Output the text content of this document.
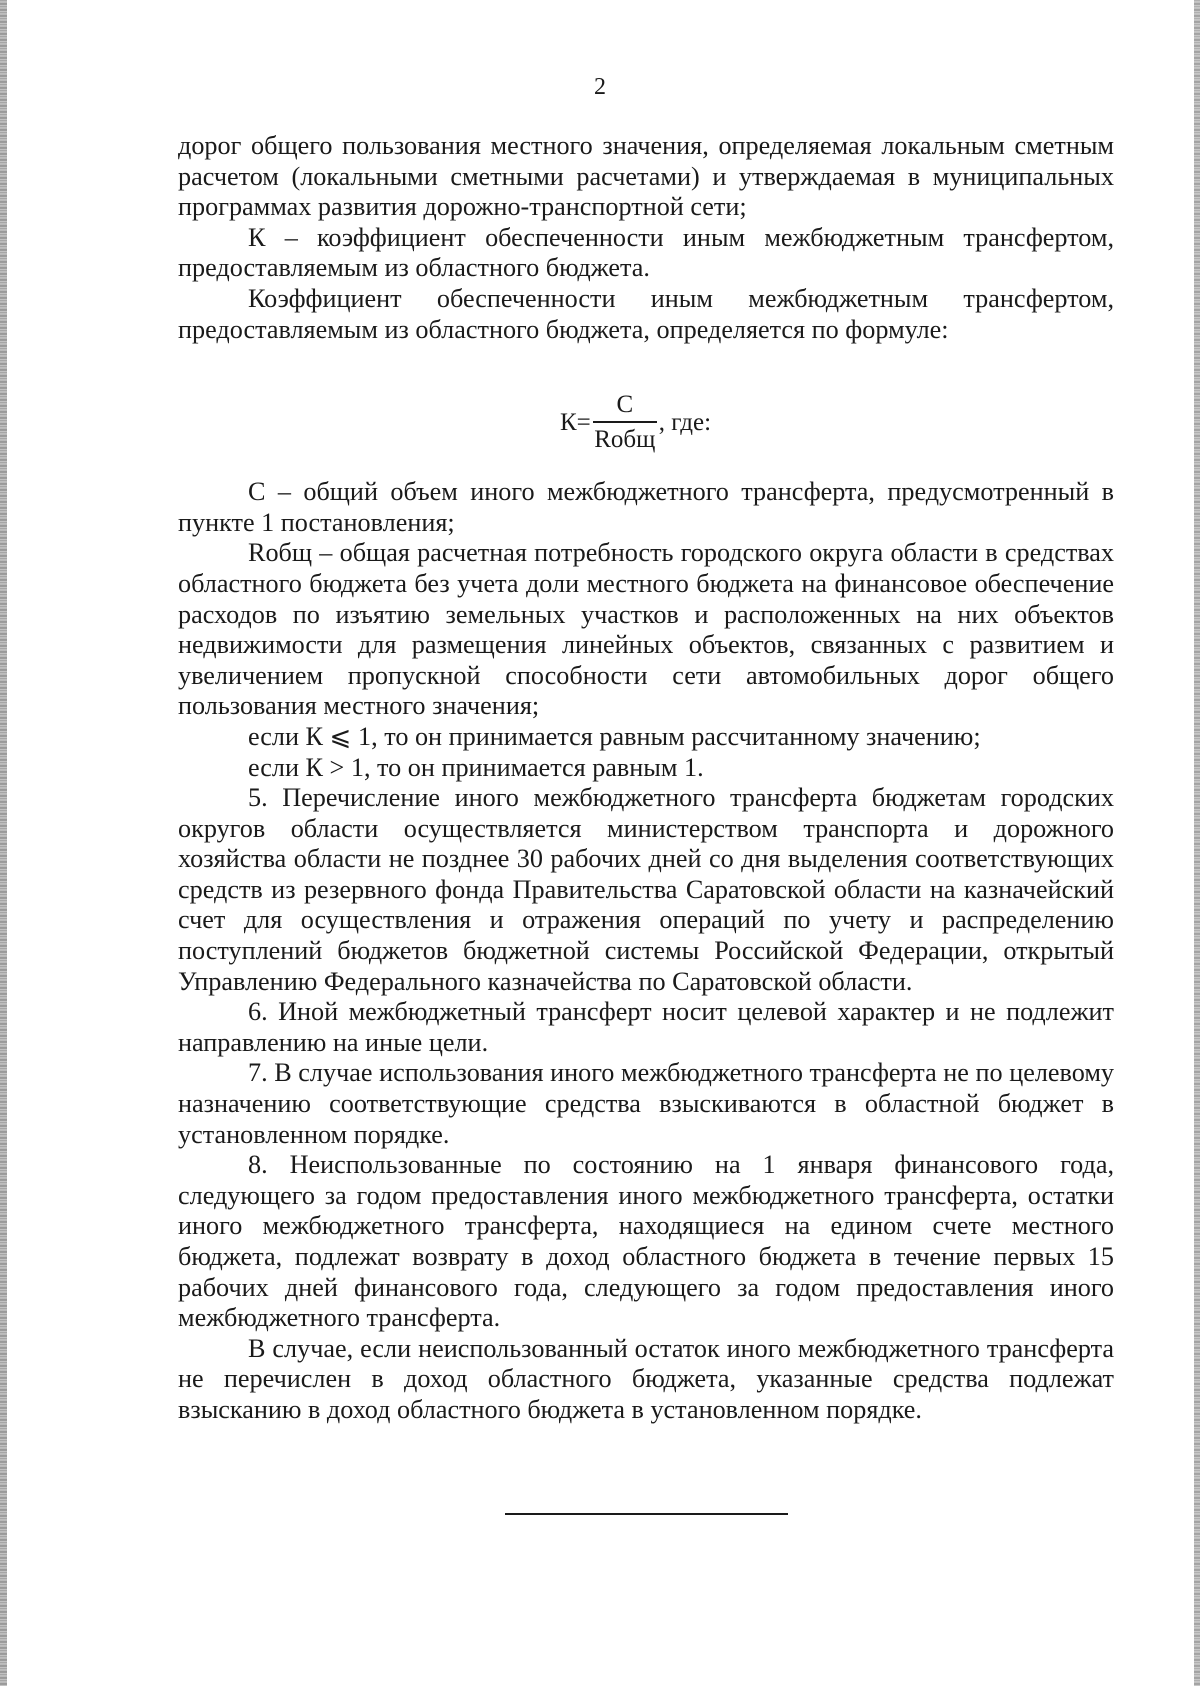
2

дорог общего пользования местного значения, определяемая локальным сметным расчетом (локальными сметными расчетами) и утверждаемая в муниципальных программах развития дорожно-транспортной сети;

К – коэффициент обеспеченности иным межбюджетным трансфертом, предоставляемым из областного бюджета.

Коэффициент обеспеченности иным межбюджетным трансфертом, предоставляемым из областного бюджета, определяется по формуле:

$К= \frac{С}{\text{Rобщ}}$ , где:

С – общий объем иного межбюджетного трансферта, предусмотренный в пункте 1 постановления;

Rобщ – общая расчетная потребность городского округа области в средствах областного бюджета без учета доли местного бюджета на финансовое обеспечение расходов по изъятию земельных участков и расположенных на них объектов недвижимости для размещения линейных объектов, связанных с развитием и увеличением пропускной способности сети автомобильных дорог общего пользования местного значения;

если К ⩽ 1, то он принимается равным рассчитанному значению;

если К > 1, то он принимается равным 1.

5. Перечисление иного межбюджетного трансферта бюджетам городских округов области осуществляется министерством транспорта и дорожного хозяйства области не позднее 30 рабочих дней со дня выделения соответствующих средств из резервного фонда Правительства Саратовской области на казначейский счет для осуществления и отражения операций по учету и распределению поступлений бюджетов бюджетной системы Российской Федерации, открытый Управлению Федерального казначейства по Саратовской области.

6. Иной межбюджетный трансферт носит целевой характер и не подлежит направлению на иные цели.

7. В случае использования иного межбюджетного трансферта не по целевому назначению соответствующие средства взыскиваются в областной бюджет в установленном порядке.

8. Неиспользованные по состоянию на 1 января финансового года, следующего за годом предоставления иного межбюджетного трансферта, остатки иного межбюджетного трансферта, находящиеся на едином счете местного бюджета, подлежат возврату в доход областного бюджета в течение первых 15 рабочих дней финансового года, следующего за годом предоставления иного межбюджетного трансферта.

В случае, если неиспользованный остаток иного межбюджетного трансферта не перечислен в доход областного бюджета, указанные средства подлежат взысканию в доход областного бюджета в установленном порядке.
